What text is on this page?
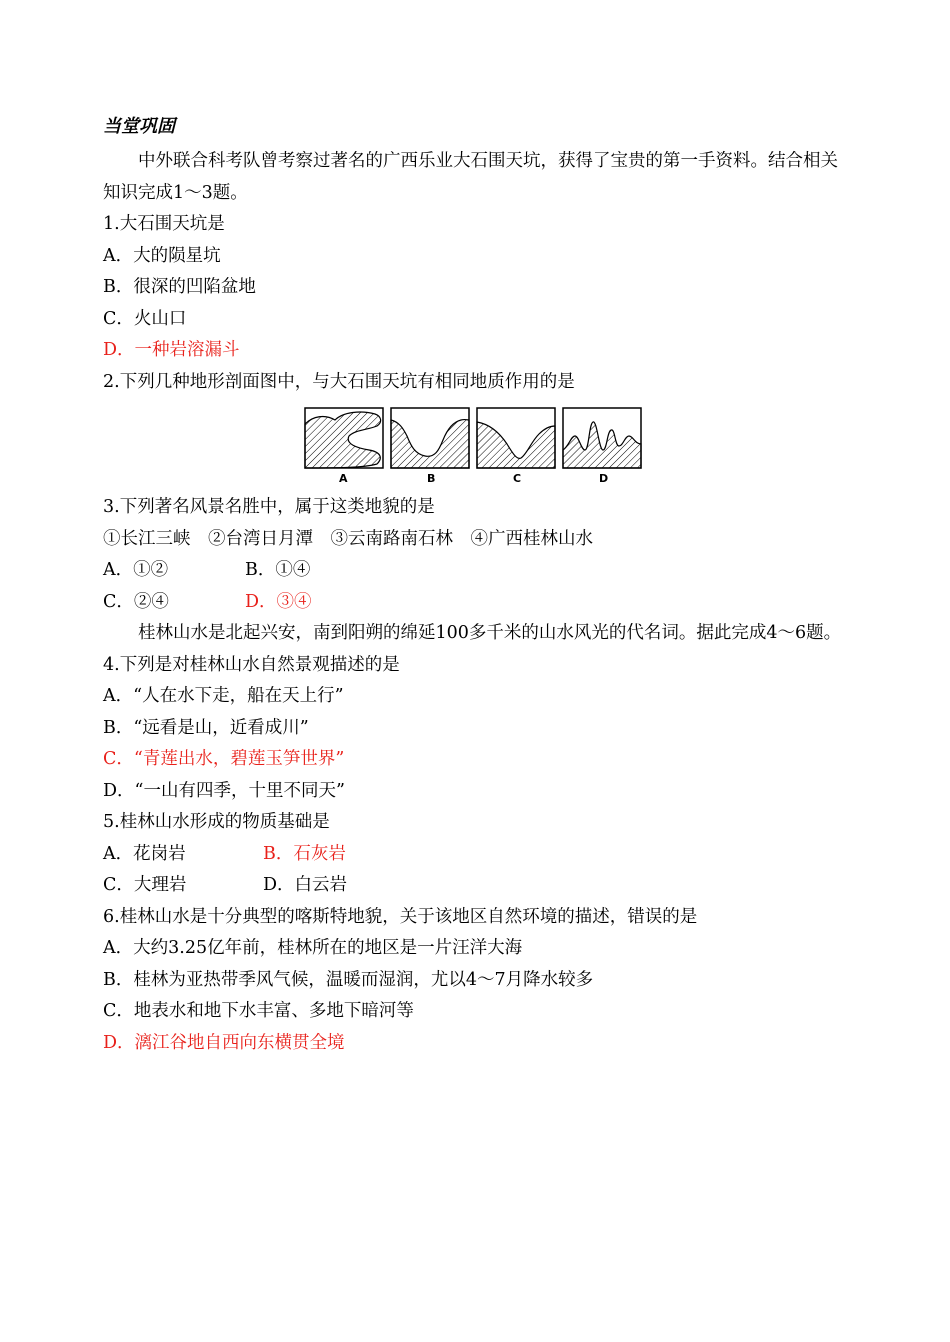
当堂巩固
中外联合科考队曾考察过著名的广西乐业大石围天坑，获得了宝贵的第一手资料。结合相关知识完成1～3题。
1.大石围天坑是
A．大的陨星坑
B．很深的凹陷盆地
C．火山口
D．一种岩溶漏斗
2.下列几种地形剖面图中，与大石围天坑有相同地质作用的是
A	B	C	D
3.下列著名风景名胜中，属于这类地貌的是
①长江三峡　②台湾日月潭　③云南路南石林　④广西桂林山水
A．①②	B．①④
C．②④	D．③④
桂林山水是北起兴安，南到阳朔的绵延100多千米的山水风光的代名词。据此完成4～6题。
4.下列是对桂林山水自然景观描述的是
A．“人在水下走，船在天上行”
B．“远看是山，近看成川”
C．“青莲出水，碧莲玉笋世界”
D．“一山有四季，十里不同天”
5.桂林山水形成的物质基础是
A．花岗岩	B．石灰岩
C．大理岩	D．白云岩
6.桂林山水是十分典型的喀斯特地貌，关于该地区自然环境的描述，错误的是
A．大约3.25亿年前，桂林所在的地区是一片汪洋大海
B．桂林为亚热带季风气候，温暖而湿润，尤以4～7月降水较多
C．地表水和地下水丰富、多地下暗河等
D．漓江谷地自西向东横贯全境
